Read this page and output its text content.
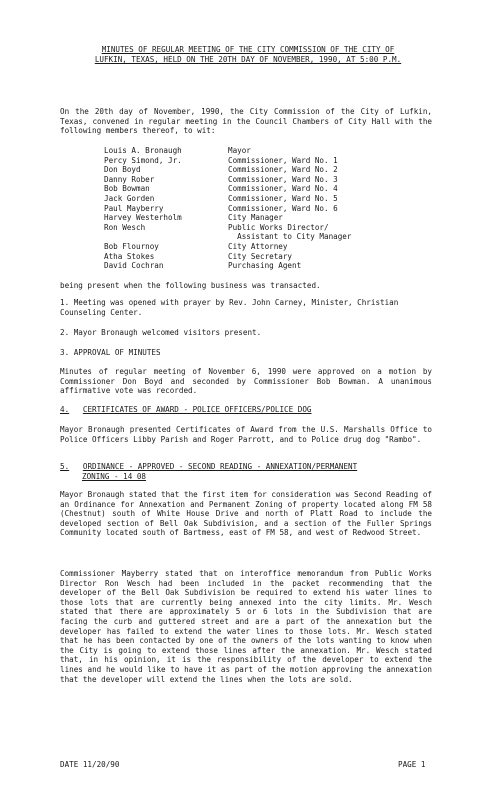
MINUTES OF REGULAR MEETING OF THE CITY COMMISSION OF THE CITY OF
LUFKIN, TEXAS, HELD ON THE 20TH DAY OF NOVEMBER, 1990, AT 5:00 P.M.
On the 20th day of November, 1990, the City Commission of the City of Lufkin, Texas, convened in regular meeting in the Council Chambers of City Hall with the following members thereof, to wit:
Louis A. Bronaugh	Mayor
Percy Simond, Jr.	Commissioner, Ward No. 1
Don Boyd	Commissioner, Ward No. 2
Danny Rober	Commissioner, Ward No. 3
Bob Bowman	Commissioner, Ward No. 4
Jack Gorden	Commissioner, Ward No. 5
Paul Mayberry	Commissioner, Ward No. 6
Harvey Westerholm	City Manager
Ron Wesch	Public Works Director/
Assistant to City Manager
Bob Flournoy	City Attorney
Atha Stokes	City Secretary
David Cochran	Purchasing Agent
being present when the following business was transacted.
1. Meeting was opened with prayer by Rev. John Carney, Minister, Christian Counseling Center.
2. Mayor Bronaugh welcomed visitors present.
3. APPROVAL OF MINUTES
Minutes of regular meeting of November 6, 1990 were approved on a motion by Commissioner Don Boyd and seconded by Commissioner Bob Bowman. A unanimous affirmative vote was recorded.
4. CERTIFICATES OF AWARD - POLICE OFFICERS/POLICE DOG
Mayor Bronaugh presented Certificates of Award from the U.S. Marshalls Office to Police Officers Libby Parish and Roger Parrott, and to Police drug dog "Rambo".
5. ORDINANCE - APPROVED - SECOND READING - ANNEXATION/PERMANENT
ZONING - 14 08
Mayor Bronaugh stated that the first item for consideration was Second Reading of an Ordinance for Annexation and Permanent Zoning of property located along FM 58 (Chestnut) south of White House Drive and north of Platt Road to include the developed section of Bell Oak Subdivision, and a section of the Fuller Springs Community located south of Bartmess, east of FM 58, and west of Redwood Street.
Commissioner Mayberry stated that on interoffice memorandum from Public Works Director Ron Wesch had been included in the packet recommending that the developer of the Bell Oak Subdivision be required to extend his water lines to those lots that are currently being annexed into the city limits. Mr. Wesch stated that there are approximately 5 or 6 lots in the Subdivision that are facing the curb and guttered street and are a part of the annexation but the developer has failed to extend the water lines to those lots. Mr. Wesch stated that he has been contacted by one of the owners of the lots wanting to know when the City is going to extend those lines after the annexation. Mr. Wesch stated that, in his opinion, it is the responsibility of the developer to extend the lines and he would like to have it as part of the motion approving the annexation that the developer will extend the lines when the lots are sold.
DATE 11/20/90	PAGE 1
